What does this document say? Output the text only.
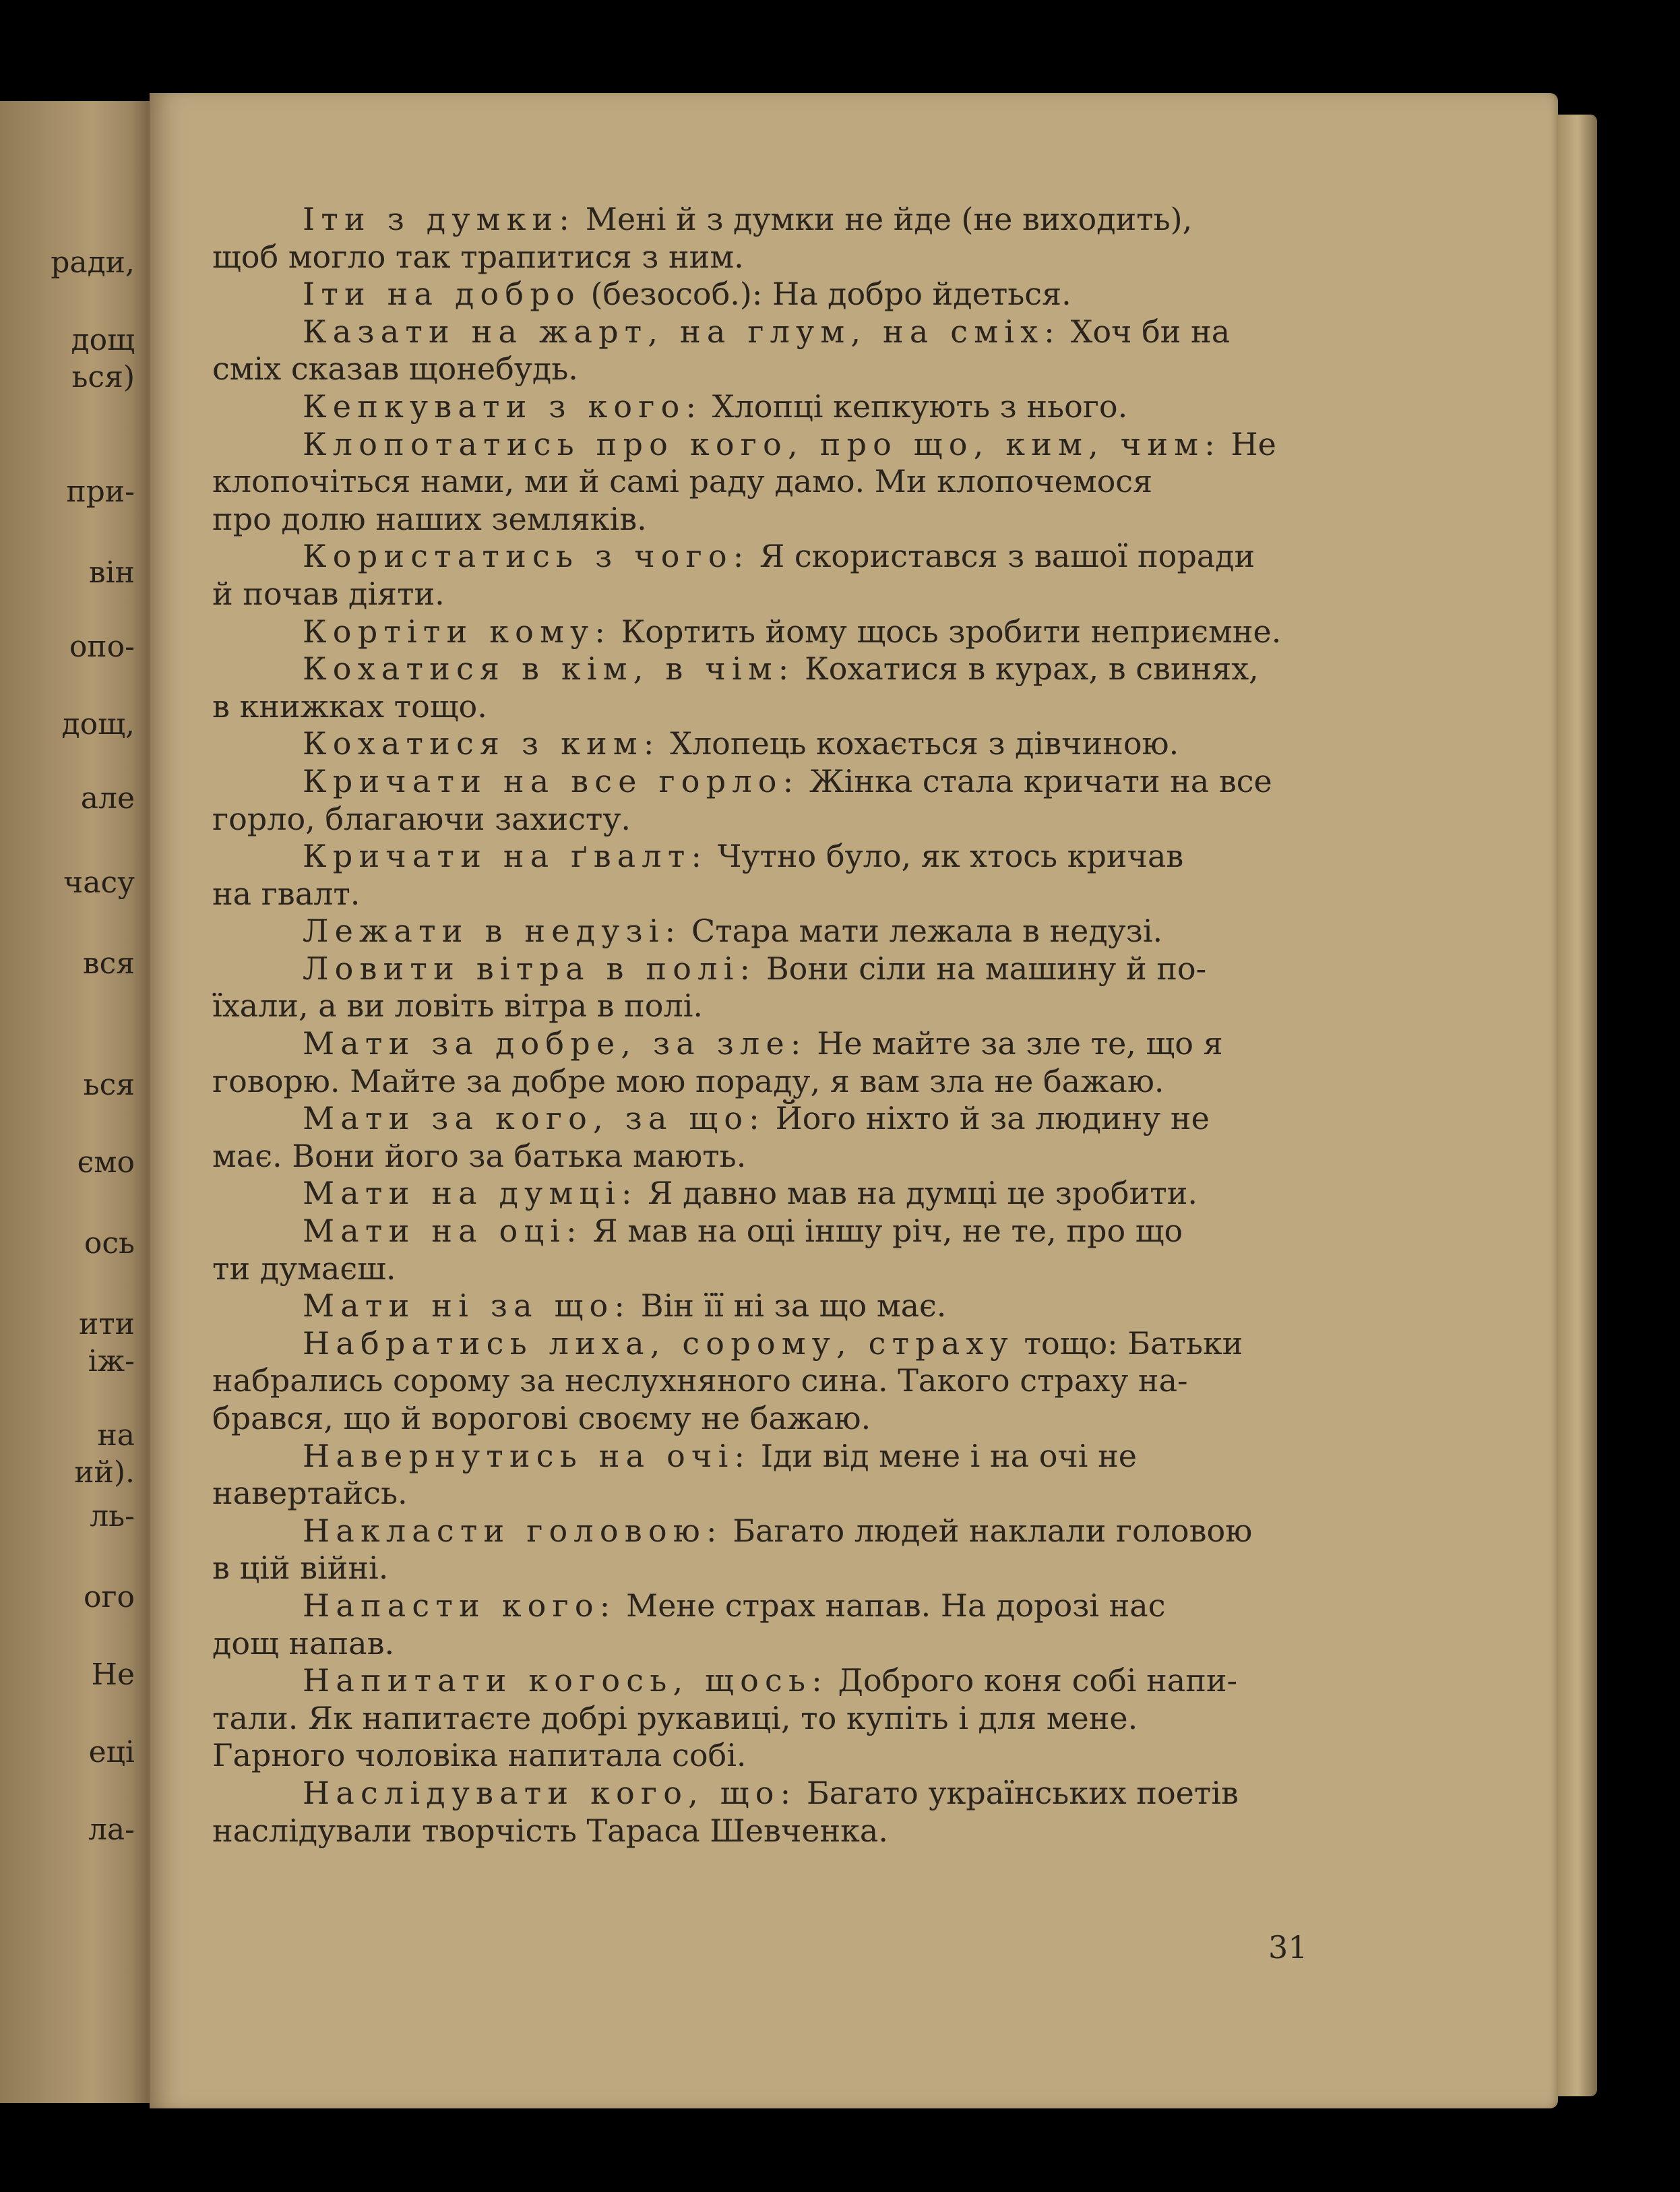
ради,
дощ
ься)
при-
він
опо-
дощ,
але
часу
вся
ься
ємо
ось
ити
іж-
на
ий).
ль-
ого
Не
еці
ла-
Іти з думки: Мені й з думки не йде (не виходить),
щоб могло так трапитися з ним.
Іти на добро (безособ.): На добро йдеться.
Казати на жарт, на глум, на сміх: Хоч би на
сміх сказав щонебудь.
Кепкувати з кого: Хлопці кепкують з нього.
Клопотатись про кого, про що, ким, чим: Не
клопочіться нами, ми й самі раду дамо. Ми клопочемося
про долю наших земляків.
Користатись з чого: Я скористався з вашої поради
й почав діяти.
Кортіти кому: Кортить йому щось зробити неприємне.
Кохатися в кім, в чім: Кохатися в курах, в свинях,
в книжках тощо.
Кохатися з ким: Хлопець кохається з дівчиною.
Кричати на все горло: Жінка стала кричати на все
горло, благаючи захисту.
Кричати на ґвалт: Чутно було, як хтось кричав
на гвалт.
Лежати в недузі: Стара мати лежала в недузі.
Ловити вітра в полі: Вони сіли на машину й по-
їхали, а ви ловіть вітра в полі.
Мати за добре, за зле: Не майте за зле те, що я
говорю. Майте за добре мою пораду, я вам зла не бажаю.
Мати за кого, за що: Його ніхто й за людину не
має. Вони його за батька мають.
Мати на думці: Я давно мав на думці це зробити.
Мати на оці: Я мав на оці іншу річ, не те, про що
ти думаєш.
Мати ні за що: Він її ні за що має.
Набратись лиха, сорому, страху тощо: Батьки
набрались сорому за неслухняного сина. Такого страху на-
брався, що й ворогові своєму не бажаю.
Навернутись на очі: Іди від мене і на очі не
навертайсь.
Накласти головою: Багато людей наклали головою
в цій війні.
Напасти кого: Мене страх напав. На дорозі нас
дощ напав.
Напитати когось, щось: Доброго коня собі напи-
тали. Як напитаєте добрі рукавиці, то купіть і для мене.
Гарного чоловіка напитала собі.
Наслідувати кого, що: Багато українських поетів
наслідували творчість Тараса Шевченка.
31
